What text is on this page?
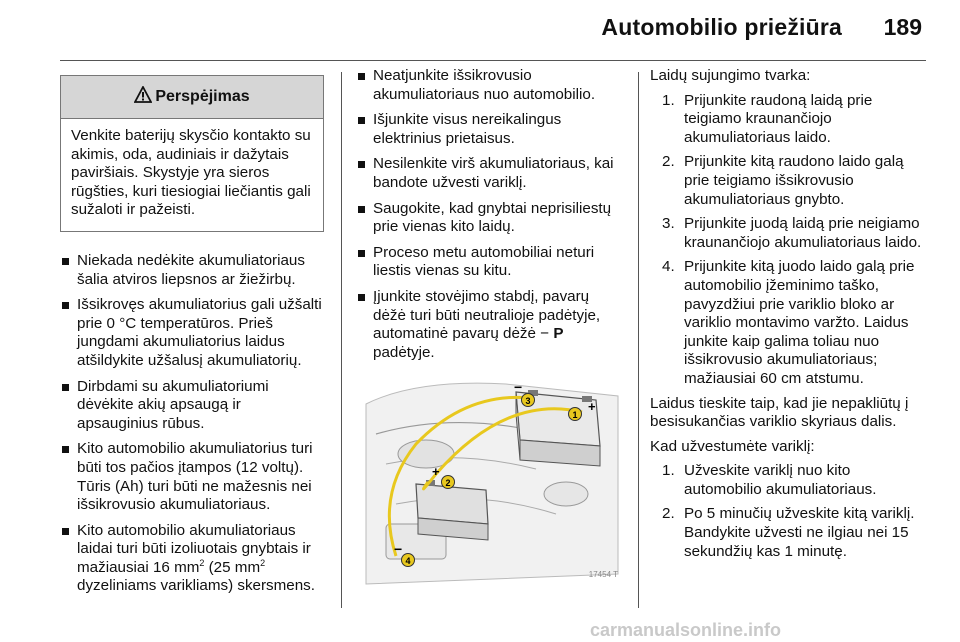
Automobilio priežiūra 189
Perspėjimas
Venkite baterijų skysčio kontakto su akimis, oda, audiniais ir dažytais paviršiais. Skystyje yra sieros rūgšties, kuri tiesiogiai liečiantis gali sužaloti ir pažeisti.
Niekada nedėkite akumuliatoriaus šalia atviros liepsnos ar žiežirbų.
Išsikrovęs akumuliatorius gali užšalti prie 0 °C temperatūros. Prieš jungdami akumuliatorius laidus atšildykite užšalusį akumuliatorių.
Dirbdami su akumuliatoriumi dėvėkite akių apsaugą ir apsauginius rūbus.
Kito automobilio akumuliatorius turi būti tos pačios įtampos (12 voltų). Tūris (Ah) turi būti ne mažesnis nei išsikrovusio akumuliatoriaus.
Kito automobilio akumuliatoriaus laidai turi būti izoliuotais gnybtais ir mažiausiai 16 $mm^2$ (25 $mm^2$ dyzeliniams varikliams) skersmens.
Neatjunkite išsikrovusio akumuliatoriaus nuo automobilio.
Išjunkite visus nereikalingus elektrinius prietaisus.
Nesilenkite virš akumuliatoriaus, kai bandote užvesti variklį.
Saugokite, kad gnybtai neprisiliestų prie vienas kito laidų.
Proceso metu automobiliai neturi liestis vienas su kitu.
Įjunkite stovėjimo stabdį, pavarų dėžė turi būti neutralioje padėtyje, automatinė pavarų dėžė − P padėtyje.
1
+
2
+
3
−
4
−
17454 T

Laidų sujungimo tvarka:

1. Prijunkite raudoną laidą prie teigiamo kraunančiojo akumuliatoriaus laido.
2. Prijunkite kitą raudono laido galą prie teigiamo išsikrovusio akumuliatoriaus gnybto.
3. Prijunkite juodą laidą prie neigiamo kraunančiojo akumuliatoriaus laido.
4. Prijunkite kitą juodo laido galą prie automobilio įžeminimo taško, pavyzdžiui prie variklio bloko ar variklio montavimo varžto. Laidus junkite kaip galima toliau nuo išsikrovusio akumuliatoriaus; mažiausiai 60 cm atstumu.

Laidus tieskite taip, kad jie nepakliūtų į besisukančias variklio skyriaus dalis.

Kad užvestumėte variklį:

1. Užveskite variklį nuo kito automobilio akumuliatoriaus.
2. Po 5 minučių užveskite kitą variklį. Bandykite užvesti ne ilgiau nei 15 sekundžių kas 1 minutę.
carmanualsonline.info
